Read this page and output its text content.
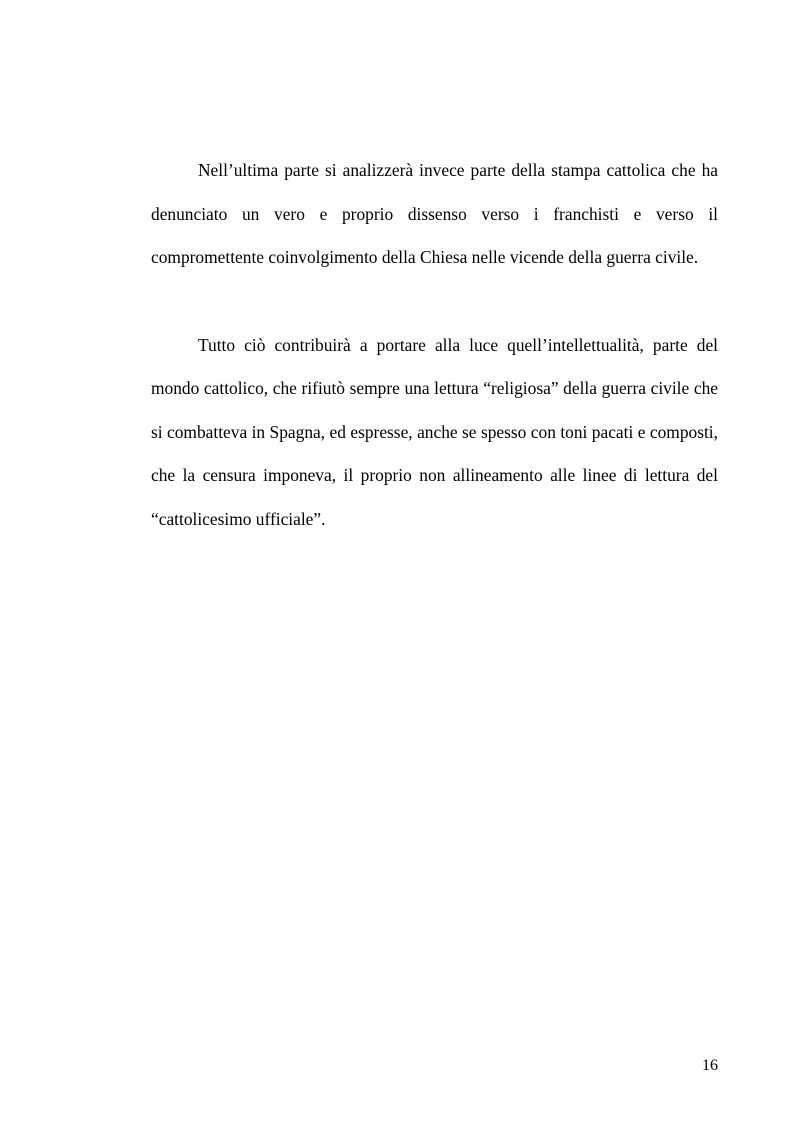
Nell’ultima parte si analizzerà invece parte della stampa cattolica che ha denunciato un vero e proprio dissenso verso i franchisti e verso il compromettente coinvolgimento della Chiesa nelle vicende della guerra civile.

Tutto ciò contribuirà a portare alla luce quell’intellettualità, parte del mondo cattolico, che rifiutò sempre una lettura “religiosa” della guerra civile che si combatteva in Spagna, ed espresse, anche se spesso con toni pacati e composti, che la censura imponeva, il proprio non allineamento alle linee di lettura del “cattolicesimo ufficiale”.

16
